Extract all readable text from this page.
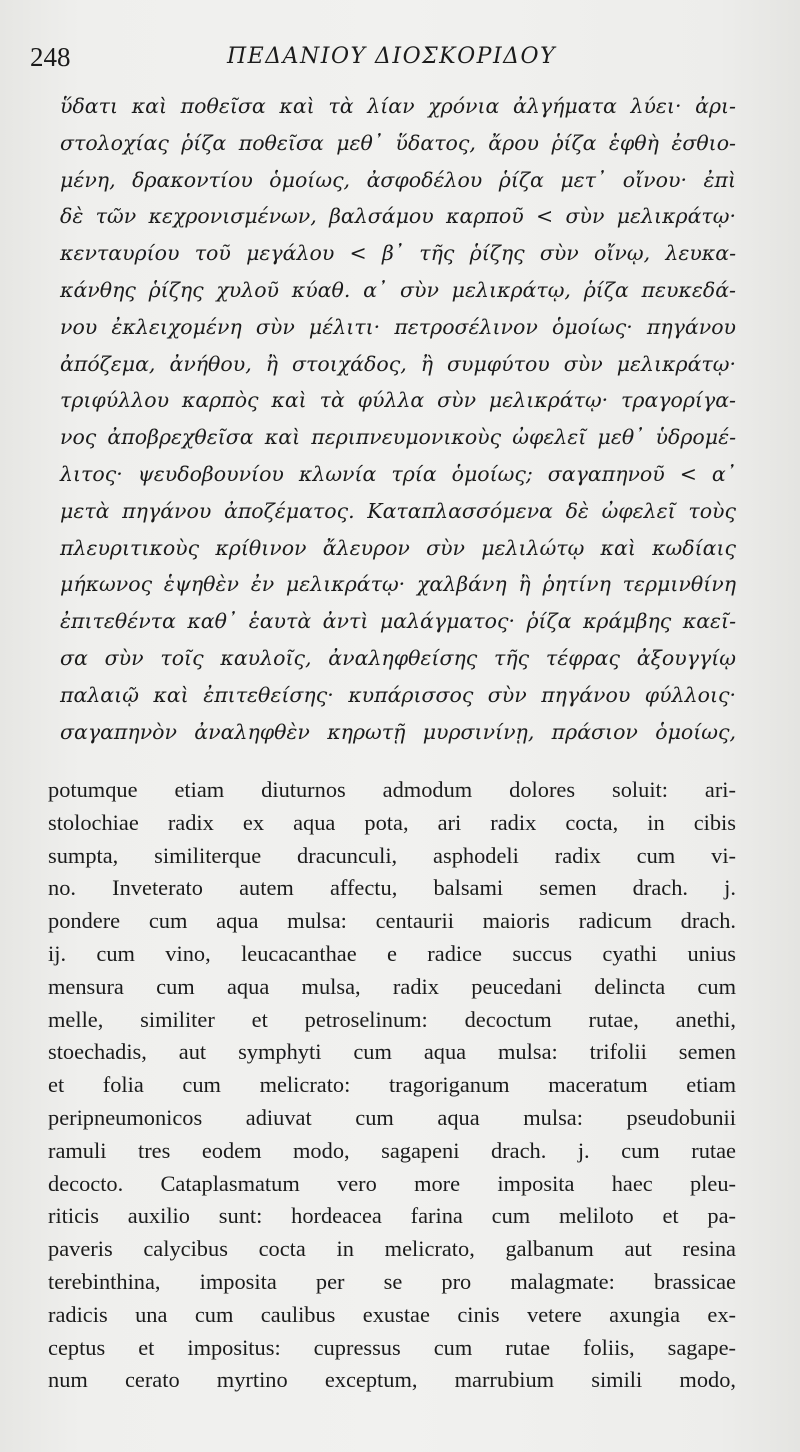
248	ΠΕΔΑΝΙΟΥ ΔΙΟΣΚΟΡΙΔΟΥ
ὕδατι καὶ ποθεῖσα καὶ τὰ λίαν χρόνια ἀλγήματα λύει· ἀρι-
στολοχίας ῥίζα ποθεῖσα μεθ᾽ ὕδατος, ἄρου ῥίζα ἑφθὴ ἐσθιο-
μένη, δρακοντίου ὁμοίως, ἀσφοδέλου ῥίζα μετ᾽ οἴνου· ἐπὶ
δὲ τῶν κεχρονισμένων, βαλσάμου καρποῦ < σὺν μελικράτῳ·
κενταυρίου τοῦ μεγάλου < β᾽ τῆς ῥίζης σὺν οἴνῳ, λευκα-
κάνθης ῥίζης χυλοῦ κύαθ. α᾽ σὺν μελικράτῳ, ῥίζα πευκεδά-
νου ἐκλειχομένη σὺν μέλιτι· πετροσέλινον ὁμοίως· πηγάνου
ἀπόζεμα, ἀνήθου, ἢ στοιχάδος, ἢ συμφύτου σὺν μελικράτῳ·
τριφύλλου καρπὸς καὶ τὰ φύλλα σὺν μελικράτῳ· τραγορίγα-
νος ἀποβρεχθεῖσα καὶ περιπνευμονικοὺς ὠφελεῖ μεθ᾽ ὑδρομέ-
λιτος· ψευδοβουνίου κλωνία τρία ὁμοίως; σαγαπηνοῦ < α᾽
μετὰ πηγάνου ἀποζέματος. Καταπλασσόμενα δὲ ὠφελεῖ τοὺς
πλευριτικοὺς κρίθινον ἄλευρον σὺν μελιλώτῳ καὶ κωδίαις
μήκωνος ἑψηθὲν ἐν μελικράτῳ· χαλβάνη ἢ ῥητίνη τερμινθίνη
ἐπιτεθέντα καθ᾽ ἑαυτὰ ἀντὶ μαλάγματος· ῥίζα κράμβης καεῖ-
σα σὺν τοῖς καυλοῖς, ἀναληφθείσης τῆς τέφρας ἀξουγγίῳ
παλαιῷ καὶ ἐπιτεθείσης· κυπάρισσος σὺν πηγάνου φύλλοις·
σαγαπηνὸν ἀναληφθὲν κηρωτῇ μυρσινίνῃ, πράσιον ὁμοίως,
potumque etiam diuturnos admodum dolores soluit: ari-
stolochiae radix ex aqua pota, ari radix cocta, in cibis
sumpta, similiterque dracunculi, asphodeli radix cum vi-
no. Inveterato autem affectu, balsami semen drach. j.
pondere cum aqua mulsa: centaurii maioris radicum drach.
ij. cum vino, leucacanthae e radice succus cyathi unius
mensura cum aqua mulsa, radix peucedani delincta cum
melle, similiter et petroselinum: decoctum rutae, anethi,
stoechadis, aut symphyti cum aqua mulsa: trifolii semen
et folia cum melicrato: tragoriganum maceratum etiam
peripneumonicos adiuvat cum aqua mulsa: pseudobunii
ramuli tres eodem modo, sagapeni drach. j. cum rutae
decocto. Cataplasmatum vero more imposita haec pleu-
riticis auxilio sunt: hordeacea farina cum meliloto et pa-
paveris calycibus cocta in melicrato, galbanum aut resina
terebinthina, imposita per se pro malagmate: brassicae
radicis una cum caulibus exustae cinis vetere axungia ex-
ceptus et impositus: cupressus cum rutae foliis, sagape-
num cerato myrtino exceptum, marrubium simili modo,
